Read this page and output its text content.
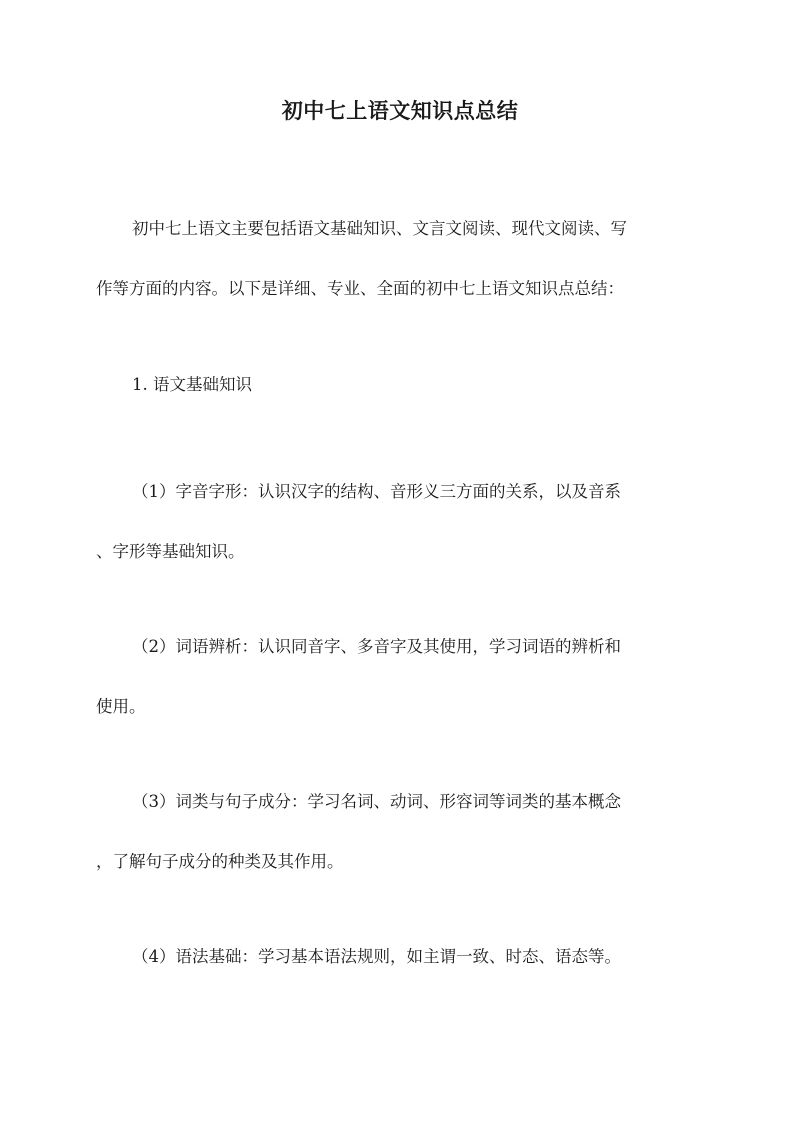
初中七上语文知识点总结

初中七上语文主要包括语文基础知识、文言文阅读、现代文阅读、写
作等方面的内容。以下是详细、专业、全面的初中七上语文知识点总结：

1. 语文基础知识

（1）字音字形：认识汉字的结构、音形义三方面的关系，以及音系
、字形等基础知识。

（2）词语辨析：认识同音字、多音字及其使用，学习词语的辨析和
使用。

（3）词类与句子成分：学习名词、动词、形容词等词类的基本概念
，了解句子成分的种类及其作用。

（4）语法基础：学习基本语法规则，如主谓一致、时态、语态等。
